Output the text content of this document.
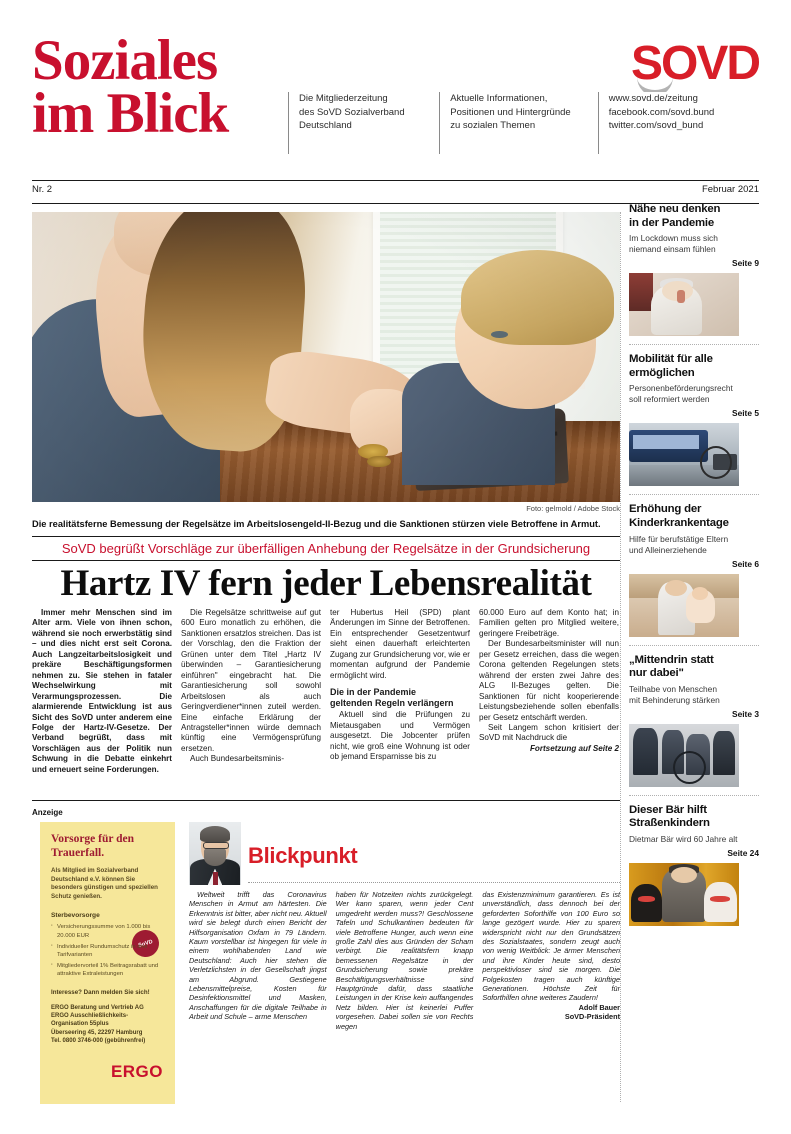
Soziales
im Blick
SOVD
Die Mitgliederzeitung
des SoVD Sozialverband
Deutschland
Aktuelle Informationen,
Positionen und Hintergründe
zu sozialen Themen
www.sovd.de/zeitung
facebook.com/sovd.bund
twitter.com/sovd_bund
Nr. 2	Februar 2021
Foto: gelmold / Adobe Stock
Die realitätsferne Bemessung der Regelsätze im Arbeitslosengeld-II-Bezug und die Sanktionen stürzen viele Betroffene in Armut.
SoVD begrüßt Vorschläge zur überfälligen Anhebung der Regelsätze in der Grundsicherung
Hartz IV fern jeder Lebensrealität

Immer mehr Menschen sind im Alter arm. Viele von ihnen schon, während sie noch erwerbstätig sind – und dies nicht erst seit Corona. Auch Langzeitarbeitslosigkeit und prekäre Beschäftigungsformen nehmen zu. Sie stehen in fataler Wechselwirkung mit Verarmungsprozessen. Die alarmierende Entwicklung ist aus Sicht des SoVD unter anderem eine Folge der Hartz-IV-Gesetze. Der Verband begrüßt, dass mit Vorschlägen aus der Politik nun Schwung in die Debatte einkehrt und erneuert seine Forderungen.

Die Regelsätze schrittweise auf gut 600 Euro monatlich zu erhöhen, die Sanktionen ersatzlos streichen. Das ist der Vorschlag, den die Fraktion der Grünen unter dem Titel „Hartz IV überwinden – Garantiesicherung einführen" eingebracht hat. Die Garantiesicherung soll sowohl Arbeitslosen als auch Geringverdiener*innen zuteil werden. Eine einfache Erklärung der Antragsteller*innen würde demnach künftig eine Vermögensprüfung ersetzen.

Auch Bundesarbeitsminis-

ter Hubertus Heil (SPD) plant Änderungen im Sinne der Betroffenen. Ein entsprechender Gesetzentwurf sieht einen dauerhaft erleichterten Zugang zur Grundsicherung vor, wie er momentan aufgrund der Pandemie ermöglicht wird.

Die in der Pandemie
geltenden Regeln verlängern

Aktuell sind die Prüfungen zu Mietausgaben und Vermögen ausgesetzt. Die Jobcenter prüfen nicht, wie groß eine Wohnung ist oder ob jemand Ersparnisse bis zu

60.000 Euro auf dem Konto hat; in Familien gelten pro Mitglied weitere, geringere Freibeträge.

Der Bundesarbeitsminister will nun per Gesetz erreichen, dass die wegen Corona geltenden Regelungen stets während der ersten zwei Jahre des ALG II-Bezuges gelten. Die Sanktionen für nicht kooperierende Leistungsbeziehende sollen ebenfalls per Gesetz entschärft werden.

Seit Langem schon kritisiert der SoVD mit Nachdruck die

Fortsetzung auf Seite 2

Anzeige
Vorsorge für den
Trauerfall.
Als Mitglied im Sozialverband Deutschland e.V. können Sie besonders günstigen und speziellen Schutz genießen.
Sterbevorsorge
SoVD
· Versicherungssumme von 1.000 bis 20.000 EUR
· Individueller Rundumschutz in drei Tarifvarianten
· Mitgliedervorteil 1% Beitragsrabatt und attraktive Extraleistungen
Interesse? Dann melden Sie sich!
ERGO Beratung und Vertrieb AG
ERGO Ausschließlichkeits-
Organisation 55plus
Überseering 45, 22297 Hamburg
Tel. 0800 3746-000 (gebührenfrei)
ERGO
Blickpunkt

Weltweit trifft das Coronavirus Menschen in Armut am härtesten. Die Erkenntnis ist bitter, aber nicht neu. Aktuell wird sie belegt durch einen Bericht der Hilfsorganisation Oxfam in 79 Ländern. Kaum vorstellbar ist hingegen für viele in einem wohlhabenden Land wie Deutschland: Auch hier stehen die Verletzlichsten in der Gesellschaft jingst am Abgrund. Gestiegene Lebensmittelpreise, Kosten für Desinfektionsmittel und Masken, Anschaffungen für die digitale Teilhabe in Arbeit und Schule – arme Menschen

haben für Notzeiten nichts zurückgelegt. Wer kann sparen, wenn jeder Cent umgedreht werden muss?! Geschlossene Tafeln und Schulkantinen bedeuten für viele Betroffene Hunger, auch wenn eine große Zahl dies aus Gründen der Scham verbirgt. Die realitätsfern knapp bemessenen Regelsätze in der Grundsicherung sowie prekäre Beschäftigungsverhältnisse sind Hauptgründe dafür, dass staatliche Leistungen in der Krise kein auffangendes Netz bilden. Hier ist keinerlei Puffer vorgesehen. Dabei sollen sie von Rechts wegen

das Existenzminimum garantieren. Es ist unverständlich, dass dennoch bei der geforderten Soforthilfe von 100 Euro so lange gezögert wurde. Hier zu sparen widerspricht nicht nur den Grundsätzen des Sozialstaates, sondern zeugt auch von wenig Weitblick: Je ärmer Menschen und ihre Kinder heute sind, desto perspektivloser sind sie morgen. Die Folgekosten tragen auch künftige Generationen. Höchste Zeit für Soforthilfen ohne weiteres Zaudern!

Adolf Bauer

SoVD-Präsident

Nähe neu denken
in der Pandemie
Im Lockdown muss sich
niemand einsam fühlen
Seite 9
Mobilität für alle
ermöglichen
Personenbeförderungsrecht
soll reformiert werden
Seite 5
Erhöhung der
Kinderkrankentage
Hilfe für berufstätige Eltern
und Alleinerziehende
Seite 6
„Mittendrin statt
nur dabei"
Teilhabe von Menschen
mit Behinderung stärken
Seite 3
Dieser Bär hilft
Straßenkindern
Dietmar Bär wird 60 Jahre alt
Seite 24
